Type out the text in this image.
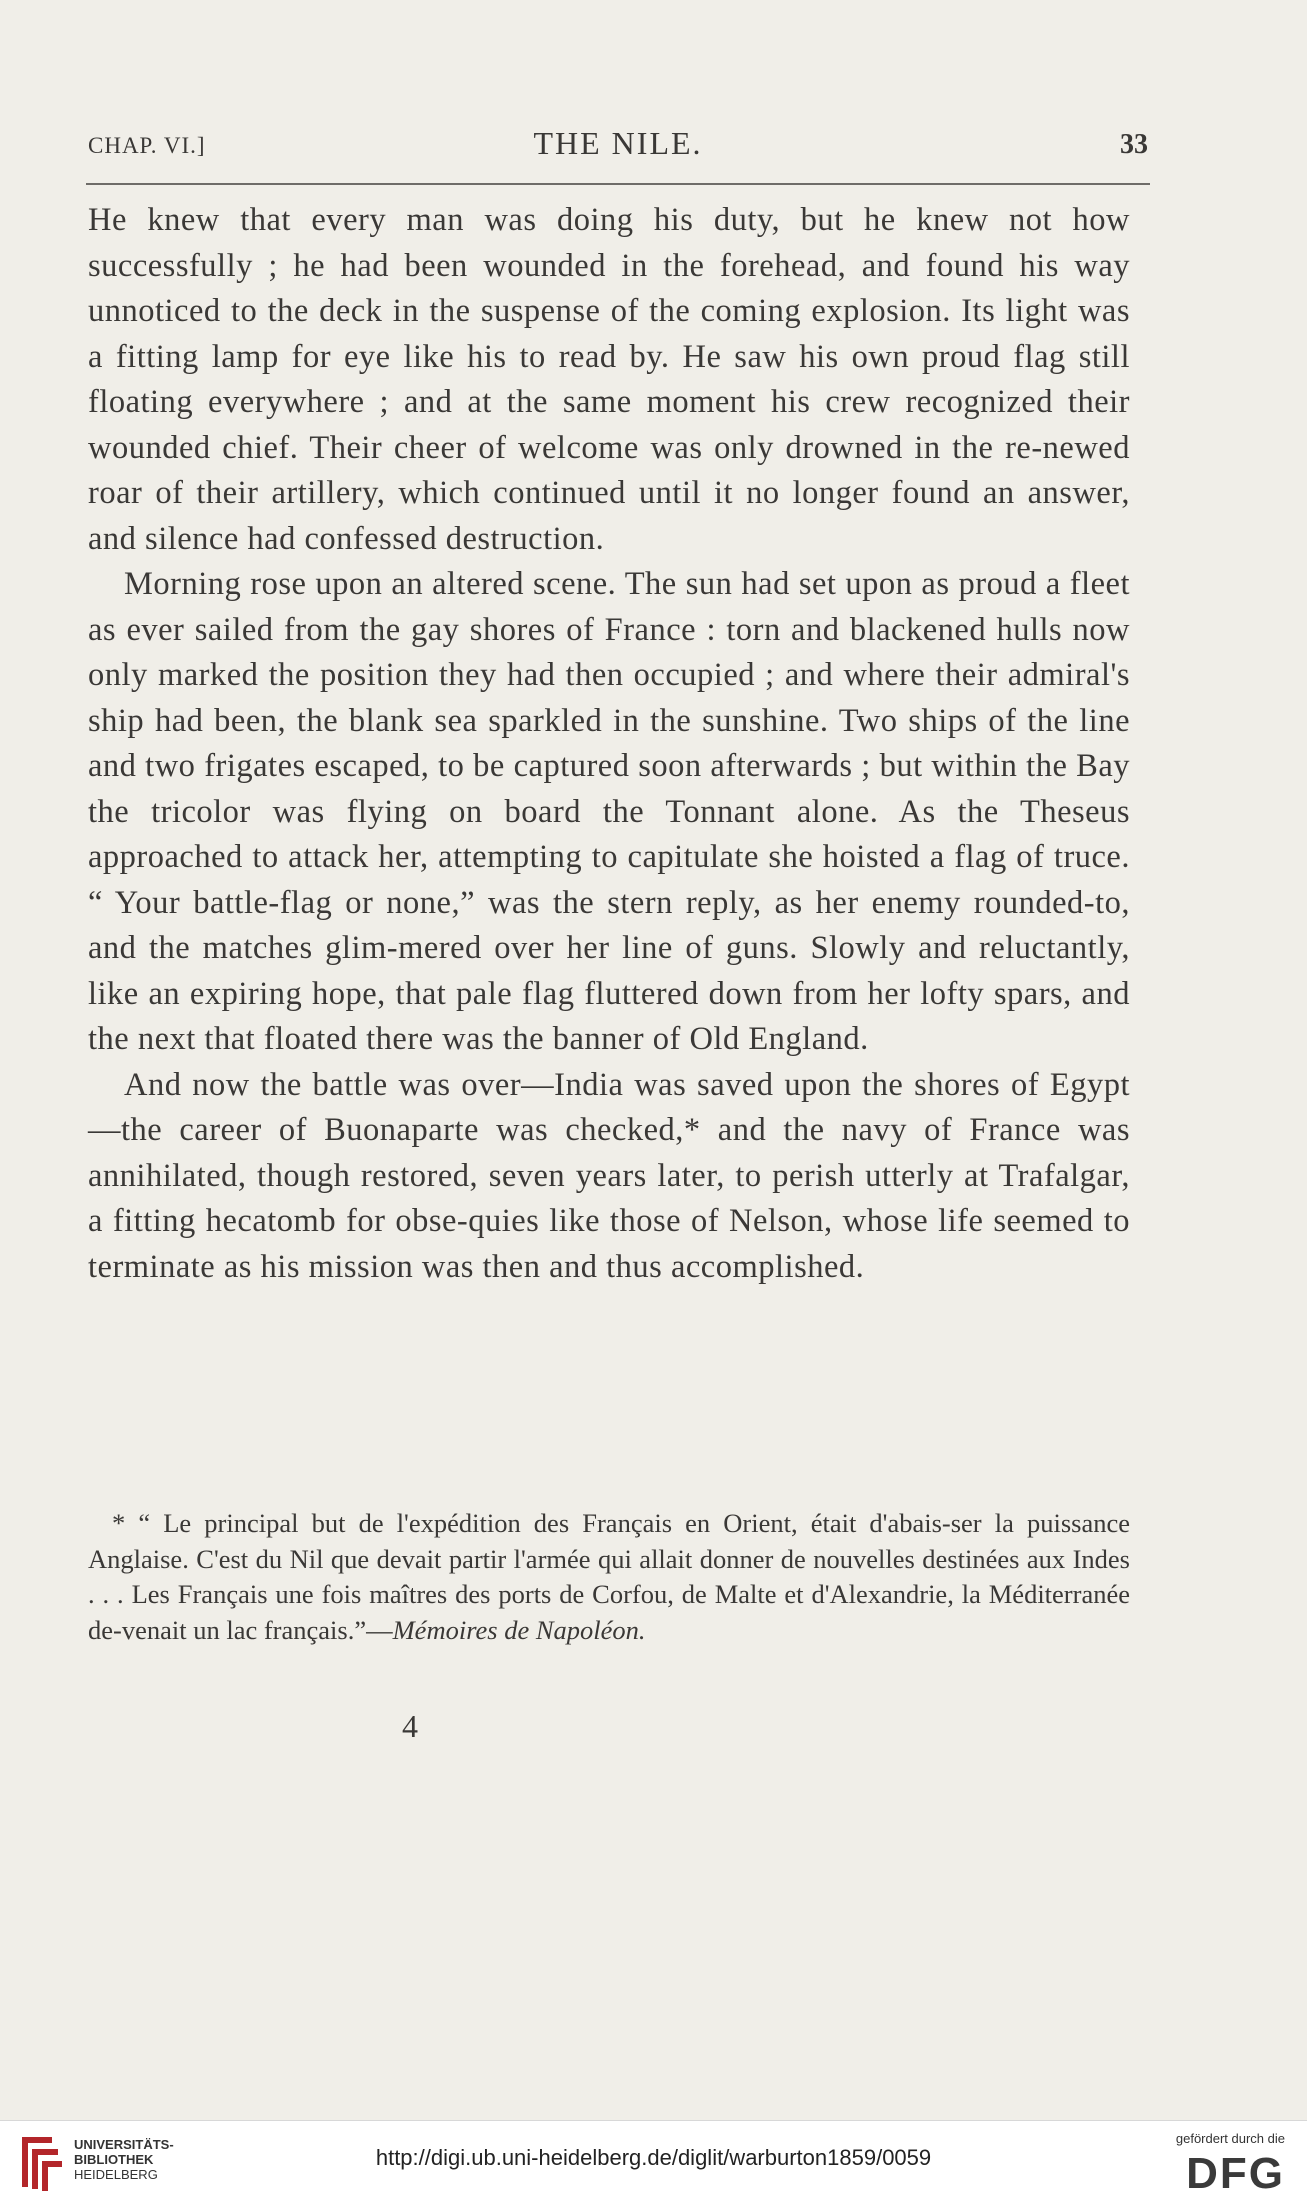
CHAP. VI.]	THE NILE.	33

He knew that every man was doing his duty, but he knew not how successfully ; he had been wounded in the forehead, and found his way unnoticed to the deck in the suspense of the coming explosion. Its light was a fitting lamp for eye like his to read by. He saw his own proud flag still floating everywhere ; and at the same moment his crew recognized their wounded chief. Their cheer of welcome was only drowned in the re-newed roar of their artillery, which continued until it no longer found an answer, and silence had confessed destruction.

Morning rose upon an altered scene. The sun had set upon as proud a fleet as ever sailed from the gay shores of France : torn and blackened hulls now only marked the position they had then occupied ; and where their admiral's ship had been, the blank sea sparkled in the sunshine. Two ships of the line and two frigates escaped, to be captured soon afterwards ; but within the Bay the tricolor was flying on board the Tonnant alone. As the Theseus approached to attack her, attempting to capitulate she hoisted a flag of truce. “ Your battle-flag or none,” was the stern reply, as her enemy rounded-to, and the matches glim-mered over her line of guns. Slowly and reluctantly, like an expiring hope, that pale flag fluttered down from her lofty spars, and the next that floated there was the banner of Old England.

And now the battle was over—India was saved upon the shores of Egypt—the career of Buonaparte was checked,* and the navy of France was annihilated, though restored, seven years later, to perish utterly at Trafalgar, a fitting hecatomb for obse-quies like those of Nelson, whose life seemed to terminate as his mission was then and thus accomplished.

* “ Le principal but de l'expédition des Français en Orient, était d'abais-ser la puissance Anglaise. C'est du Nil que devait partir l'armée qui allait donner de nouvelles destinées aux Indes . . . Les Français une fois maîtres des ports de Corfou, de Malte et d'Alexandrie, la Méditerranée de-venait un lac français.”—Mémoires de Napoléon.

4
UNIVERSITÄTS-
BIBLIOTHEK
HEIDELBERG
http://digi.ub.uni-heidelberg.de/diglit/warburton1859/0059
gefördert durch die
DFG
